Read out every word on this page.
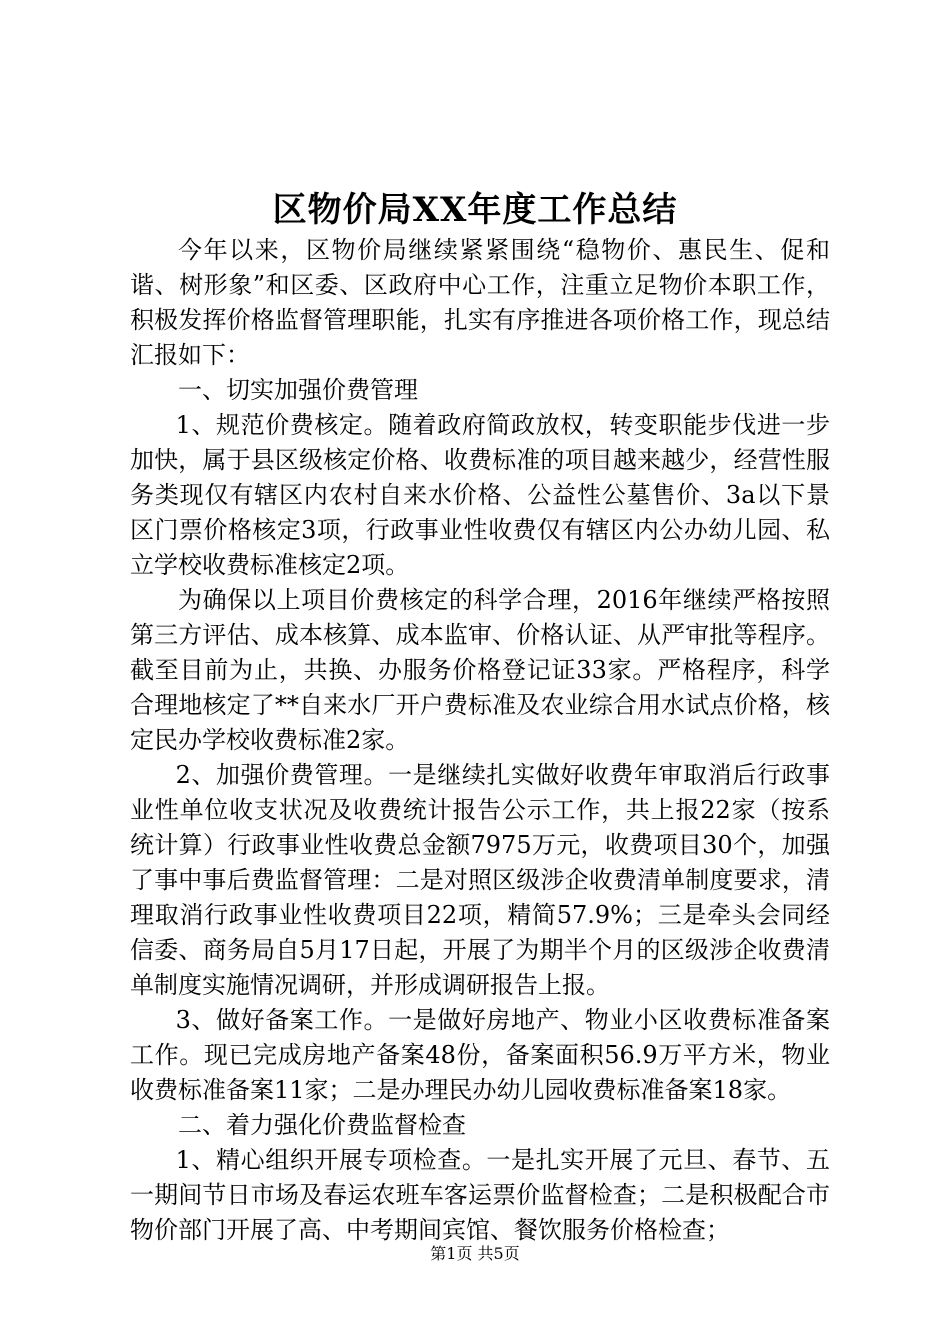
区物价局XX年度工作总结

今年以来，区物价局继续紧紧围绕“稳物价、惠民生、促和谐、树形象”和区委、区政府中心工作，注重立足物价本职工作，积极发挥价格监督管理职能，扎实有序推进各项价格工作，现总结汇报如下：

一、切实加强价费管理

1、规范价费核定。随着政府简政放权，转变职能步伐进一步加快，属于县区级核定价格、收费标准的项目越来越少，经营性服务类现仅有辖区内农村自来水价格、公益性公墓售价、3a以下景区门票价格核定3项，行政事业性收费仅有辖区内公办幼儿园、私立学校收费标准核定2项。

为确保以上项目价费核定的科学合理，2016年继续严格按照第三方评估、成本核算、成本监审、价格认证、从严审批等程序。截至目前为止，共换、办服务价格登记证33家。严格程序，科学合理地核定了**自来水厂开户费标准及农业综合用水试点价格，核定民办学校收费标准2家。

2、加强价费管理。一是继续扎实做好收费年审取消后行政事业性单位收支状况及收费统计报告公示工作，共上报22家（按系统计算）行政事业性收费总金额7975万元，收费项目30个，加强了事中事后费监督管理：二是对照区级涉企收费清单制度要求，清理取消行政事业性收费项目22项，精简57.9%；三是牵头会同经信委、商务局自5月17日起，开展了为期半个月的区级涉企收费清单制度实施情况调研，并形成调研报告上报。

3、做好备案工作。一是做好房地产、物业小区收费标准备案工作。现已完成房地产备案48份，备案面积56.9万平方米，物业收费标准备案11家；二是办理民办幼儿园收费标准备案18家。

二、着力强化价费监督检查

1、精心组织开展专项检查。一是扎实开展了元旦、春节、五一期间节日市场及春运农班车客运票价监督检查；二是积极配合市物价部门开展了高、中考期间宾馆、餐饮服务价格检查；

第1页 共5页
